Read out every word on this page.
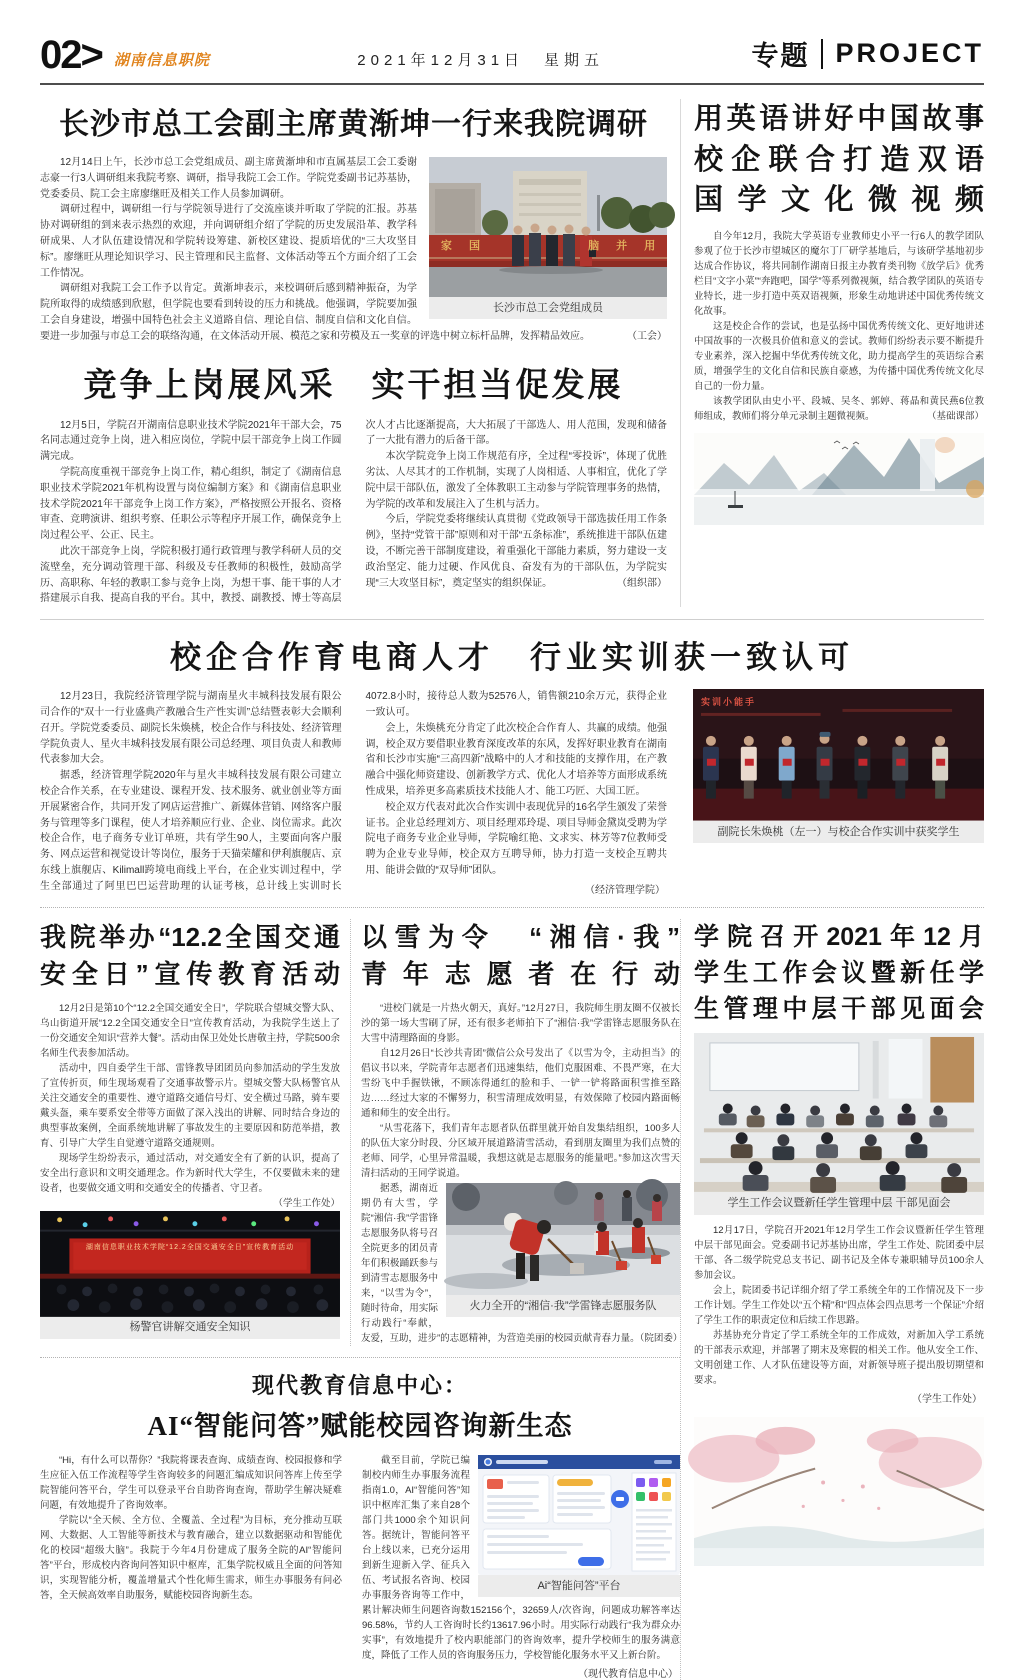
02> 湖南信息职院	2021年12月31日　星期五	专题 PROJECT
长沙市总工会副主席黄渐坤一行来我院调研
家 国	脑 并 用
长沙市总工会党组成员

12月14日上午，长沙市总工会党组成员、副主席黄渐坤和市直属基层工会工委谢志豪一行3人调研组来我院考察、调研，指导我院工会工作。学院党委副书记苏基协，党委委员、院工会主席廖继旺及相关工作人员参加调研。

调研过程中，调研组一行与学院领导进行了交流座谈并听取了学院的汇报。苏基协对调研组的到来表示热烈的欢迎，并向调研组介绍了学院的历史发展沿革、教学科研成果、人才队伍建设情况和学院转设筹建、新校区建设、提质培优的“三大攻坚目标”。廖继旺从理论知识学习、民主管理和民主监督、文体活动等五个方面介绍了工会工作情况。

调研组对我院工会工作予以肯定。黄渐坤表示，来校调研后感到精神振奋，为学院所取得的成绩感到欣慰，但学院也要看到转设的压力和挑战。他强调，学院要加强工会自身建设，增强中国特色社会主义道路自信、理论自信、制度自信和文化自信。要进一步加强与市总工会的联络沟通，在文体活动开展、模范之家和劳模及五一奖章的评选中树立标杆品牌，发挥精品效应。	（工会）

竞争上岗展风采　实干担当促发展

12月5日，学院召开湖南信息职业技术学院2021年干部大会，75名同志通过竞争上岗，进入相应岗位，学院中层干部竞争上岗工作圆满完成。

学院高度重视干部竞争上岗工作，精心组织，制定了《湖南信息职业技术学院2021年机构设置与岗位编制方案》和《湖南信息职业技术学院2021年干部竞争上岗工作方案》，严格按照公开报名、资格审查、竞聘演讲、组织考察、任职公示等程序开展工作，确保竞争上岗过程公平、公正、民主。

此次干部竞争上岗，学院积极打通行政管理与教学科研人员的交流壁垒，充分调动管理干部、科级及专任教师的积极性，鼓励高学历、高职称、年轻的教职工参与竞争上岗，为想干事、能干事的人才搭建展示自我、提高自我的平台。其中，教授、副教授、博士等高层次人才占比逐渐提高，大大拓展了干部选人、用人范围，发现和储备了一大批有潜力的后备干部。

本次学院竞争上岗工作规范有序，全过程“零投诉”，体现了优胜劣汰、人尽其才的工作机制，实现了人岗相适、人事相宜，优化了学院中层干部队伍，激发了全体教职工主动参与学院管理事务的热情，为学院的改革和发展注入了生机与活力。

今后，学院党委将继续认真贯彻《党政领导干部选拔任用工作条例》，坚持“党管干部”原则和对干部“五条标准”，系统推进干部队伍建设，不断完善干部制度建设，着重强化干部能力素质，努力建设一支政治坚定、能力过硬、作风优良、奋发有为的干部队伍，为学院实现“三大攻坚目标”，奠定坚实的组织保证。	（组织部）

用英语讲好中国故事
校企联合打造双语
国学文化微视频

自今年12月，我院大学英语专业教师史小平一行6人的教学团队参观了位于长沙市望城区的魔尔丁厂研学基地后，与该研学基地初步达成合作协议，将共同制作湖南日报主办教育类刊物《放学后》优秀栏目“文字小菜”“奔跑吧，国学”等系列微视频，结合教学团队的英语专业特长，进一步打造中英双语视频，形象生动地讲述中国优秀传统文化故事。

这是校企合作的尝试，也是弘扬中国优秀传统文化、更好地讲述中国故事的一次极具价值和意义的尝试。教师们纷纷表示要不断提升专业素养，深入挖掘中华优秀传统文化，助力提高学生的英语综合素质，增强学生的文化自信和民族自豪感，为传播中国优秀传统文化尽自己的一份力量。

该教学团队由史小平、段城、吴冬、郭婷、蒋晶和黄民燕6位教师组成，教师们将分单元录制主题微视频。	（基础课部）

校企合作育电商人才　行业实训获一致认可

12月23日，我院经济管理学院与湖南星火丰城科技发展有限公司合作的“双十一行业盛典产教融合生产性实训”总结暨表彰大会顺利召开。学院党委委员、副院长朱焕桃，校企合作与科技处、经济管理学院负责人、星火丰城科技发展有限公司总经理、项目负责人和教师代表参加大会。

据悉，经济管理学院2020年与星火丰城科技发展有限公司建立校企合作关系，在专业建设、课程开发、技术服务、就业创业等方面开展紧密合作，共同开发了网店运营推广、新媒体营销、网络客户服务与管理等多门课程，使人才培养顺应行业、企业、岗位需求。此次校企合作，电子商务专业订单班，共有学生90人，主要面向客户服务、网点运营和视觉设计等岗位，服务于天猫荣耀和伊利旗舰店、京东线上旗舰店、Kilimall跨境电商线上平台，在企业实训过程中，学生全部通过了阿里巴巴运营助理的认证考核，总计线上实训时长4072.8小时，接待总人数为52576人，销售额210余万元，获得企业一致认可。

会上，朱焕桃充分肯定了此次校企合作育人、共赢的成绩。他强调，校企双方要借职业教育深度改革的东风，发挥好职业教育在湖南省和长沙市实施“三高四新”战略中的人才和技能的支撑作用，在产教融合中强化师资建设、创新教学方式、优化人才培养等方面形成系统性成果，培养更多高素质技术技能人才、能工巧匠、大国工匠。

校企双方代表对此次合作实训中表现优异的16名学生颁发了荣誉证书。企业总经理刘方、项目经理邓玲瑅、项目导师金黛岚受聘为学院电子商务专业企业导师，学院喻红艳、文求实、林芳等7位教师受聘为企业专业导师，校企双方互聘导师，协力打造一支校企互聘共用、能讲会做的“双导师”团队。

（经济管理学院）
实训小能手
副院长朱焕桃（左一）与校企合作实训中获奖学生
我院举办“12.2全国交通
安全日”宣传教育活动

12月2日是第10个“12.2全国交通安全日”，学院联合望城交警大队、乌山街道开展“12.2全国交通安全日”宣传教育活动，为我院学生送上了一份交通安全知识“营养大餐”。活动由保卫处处长唐敬主持，学院500余名师生代表参加活动。

活动中，四自委学生干部、雷锋教导团团员向参加活动的学生发放了宣传折页，师生现场观看了交通事故警示片。望城交警大队杨警官从关注交通安全的重要性、遵守道路交通信号灯、安全横过马路，骑车要戴头盔，乘车要系安全带等方面做了深入浅出的讲解、同时结合身边的典型事故案例，全面系统地讲解了事故发生的主要原因和防范举措，教育、引导广大学生自觉遵守道路交通规则。

现场学生纷纷表示，通过活动，对交通安全有了新的认识，提高了安全出行意识和文明交通理念。作为新时代大学生，不仅要做未来的建设者，也要做交通文明和交通安全的传播者、守卫者。
（学生工作处）

湖南信息职业技术学院“12.2全国交通安全日”宣传教育活动
杨警官讲解交通安全知识
以雪为令　“湘信·我”
青年志愿者在行动

“进校门就是一片热火朝天，真好。”12月27日，我院师生朋友圈不仅被长沙的第一场大雪刷了屏，还有很多老师拍下了“湘信·我”学雷锋志愿服务队在大雪中清理路面的身影。

自12月26日“长沙共青团”微信公众号发出了《以雪为令，主动担当》的倡议书以来，学院青年志愿者们迅速集结，他们克服困难、不畏严寒，在大雪纷飞中手握铁锹，不顾冻得通红的脸和手、一铲一铲将路面积雪推至路边……经过大家的不懈努力，积雪清理成效明显，有效保障了校园内路面畅通和师生的安全出行。

“从雪花落下，我们青年志愿者队伍群里就开始自发集结组织，100多人的队伍大家分时段、分区域开展道路清雪活动，看到朋友圈里为我们点赞的老师、同学，心里异常温暖，我想这就是志愿服务的能量吧。”参加这次雪天清扫活动的王同学说道。

火力全开的“湘信·我”学雷锋志愿服务队

据悉，湖南近期仍有大雪，学院“湘信·我”学雷锋志愿服务队将号召全院更多的团员青年们积极踊跃参与到清雪志愿服务中来，“以雪为令”，随时待命，用实际行动践行“奉献，友爱，互助，进步”的志愿精神，为营造美丽的校园贡献青春力量。（院团委）

现代教育信息中心：
AI“智能问答”赋能校园咨询新生态

“Hi，有什么可以帮你？”我院将课表查询、成绩查询、校园报修和学生应征入伍工作流程等学生咨询较多的问题汇编成知识问答库上传至学院智能问答平台，学生可以登录平台自助咨询查询，帮助学生解决疑难问题，有效地提升了咨询效率。

学院以“全天候、全方位、全覆盖、全过程”为目标，充分推动互联网、大数据、人工智能等新技术与教育融合，建立以数据驱动和智能优化的校园“超级大脑”。我院于今年4月份建成了服务全院的AI“智能问答”平台，形成校内咨询问答知识中枢库，汇集学院权威且全面的问答知识，实现智能分析，覆盖增量式个性化师生需求，师生办事服务有问必答，全天候高效率自助服务，赋能校园咨询新生态。

Ai“智能问答”平台

截至目前，学院已编制校内师生办事服务流程指南1.0，AI“智能问答”知识中枢库汇集了来自28个部门共1000余个知识问答。据统计，智能问答平台上线以来，已充分运用到新生迎新入学、征兵入伍、考试报名咨询、校园办事服务咨询等工作中，累计解决师生问题咨询数152156个，32659人/次咨询，问题成功解答率达96.58%，节约人工咨询时长约13617.96小时。用实际行动践行“我为群众办实事”，有效地提升了校内职能部门的咨询效率，提升学校师生的服务满意度，降低了工作人员的咨询服务压力，学校智能化服务水平又上新台阶。

（现代教育信息中心）
学院召开2021年12月
学生工作会议暨新任学
生管理中层干部见面会
学生工作会议暨新任学生管理中层 干部见面会

12月17日，学院召开2021年12月学生工作会议暨新任学生管理中层干部见面会。党委副书记苏基协出席，学生工作处、院团委中层干部、各二级学院党总支书记、副书记及全体专兼职辅导员100余人参加会议。

会上，院团委书记详细介绍了学工系统全年的工作情况及下一步工作计划。学生工作处以“五个精”和“四点体会四点思考一个保证”介绍了学生工作的职责定位和后续工作思路。

苏基协充分肯定了学工系统全年的工作成效，对新加入学工系统的干部表示欢迎，并部署了期末及寒假的相关工作。他从安全工作、文明创建工作、人才队伍建设等方面，对新领导班子提出殷切期望和要求。

（学生工作处）
